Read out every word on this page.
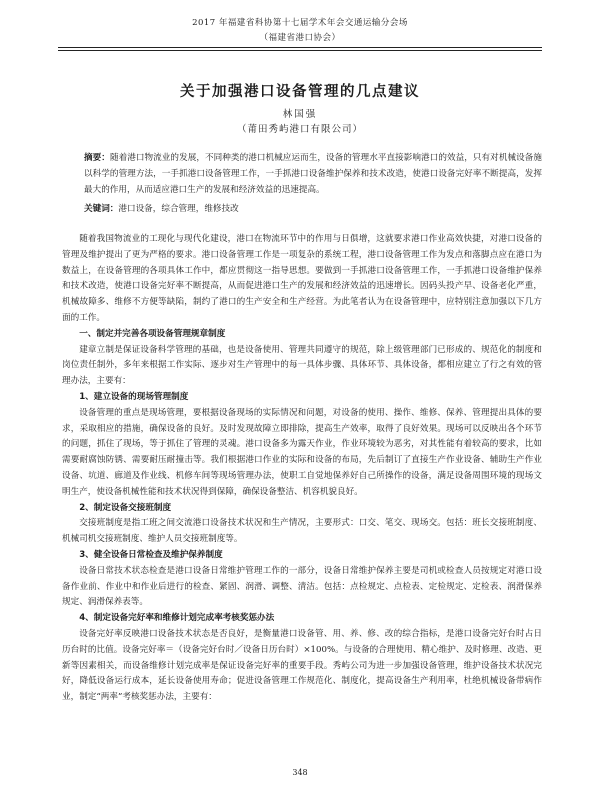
2017 年福建省科协第十七届学术年会交通运输分会场
（福建省港口协会）
关于加强港口设备管理的几点建议
林国强
（莆田秀屿港口有限公司）
摘要：随着港口物流业的发展，不同种类的港口机械应运而生，设备的管理水平直接影响港口的效益，只有对机械设备施以科学的管理方法，一手抓港口设备管理工作，一手抓港口设备维护保养和技术改造，使港口设备完好率不断提高，发挥最大的作用，从而适应港口生产的发展和经济效益的迅速提高。
关键词：港口设备，综合管理，维修技改

随着我国物流业的工现化与现代化建设，港口在物流环节中的作用与日俱增，这就要求港口作业高效快捷，对港口设备的管理及维护提出了更为严格的要求。港口设备管理工作是一项复杂的系统工程，港口设备管理工作为发点和落脚点应在港口为数益上，在设备管理的各项具体工作中，都应贯彻这一指导思想。要做到一手抓港口设备管理工作，一手抓港口设备维护保养和技术改造，使港口设备完好率不断提高，从而促进港口生产的发展和经济效益的迅速增长。因码头投产早、设备老化严重，机械故障多、维修不方便等缺陷，制约了港口的生产安全和生产经营。为此笔者认为在设备管理中，应特别注意加强以下几方面的工作。

一、制定并完善各项设备管理规章制度

建章立制是保证设备科学管理的基础，也是设备使用、管理共同遵守的规范，除上级管理部门已形成的、规范化的制度和岗位责任制外，多年来根据工作实际、逐步对生产管理中的每一具体步骤、具体环节、具体设备，都相应建立了行之有效的管理办法，主要有：

1、建立设备的现场管理制度

设备管理的重点是现场管理，要根据设备现场的实际情况和问题，对设备的使用、操作、维修、保养、管理提出具体的要求，采取相应的措施，确保设备的良好。及时发现故障立即排除，提高生产效率，取得了良好效果。现场可以反映出各个环节的问题，抓住了现场，等于抓住了管理的灵魂。港口设备多为露天作业，作业环境较为恶劣，对其性能有着较高的要求，比如需要耐腐蚀防锈、需要耐压耐撞击等。我们根据港口作业的实际和设备的布局，先后制订了直接生产作业设备、辅助生产作业设备、坑道、廊道及作业线、机修车间等现场管理办法，使职工自觉地保养好自己所操作的设备，满足设备周围环境的现场文明生产，使设备机械性能和技术状况得到保障，确保设备整洁、机容机貌良好。

2、制定设备交接班制度

交接班制度是指工班之间交流港口设备技术状况和生产情况，主要形式：口交、笔交、现场交。包括：班长交接班制度、机械司机交接班制度、维护人员交接班制度等。

3、健全设备日常检查及维护保养制度

设备日常技术状态检查是港口设备日常维护管理工作的一部分，设备日常维护保养主要是司机或检查人员按规定对港口设备作业前、作业中和作业后进行的检查、紧固、润滑、调整、清洁。包括：点检规定、点检表、定检规定、定检表、润滑保养规定、润滑保养表等。

4、制定设备完好率和维修计划完成率考核奖惩办法

设备完好率反映港口设备技术状态是否良好，是衡量港口设备管、用、养、修、改的综合指标，是港口设备完好台时占日历台时的比值。设备完好率＝（设备完好台时／设备日历台时）×100%。与设备的合理使用、精心维护、及时修理、改造、更新等因素相关，而设备维修计划完成率是保证设备完好率的重要手段。秀屿公司为进一步加强设备管理，维护设备技术状况完好，降低设备运行成本，延长设备使用寿命；促进设备管理工作规范化、制度化，提高设备生产利用率，杜绝机械设备带病作业，制定“两率”考核奖惩办法，主要有：

348
